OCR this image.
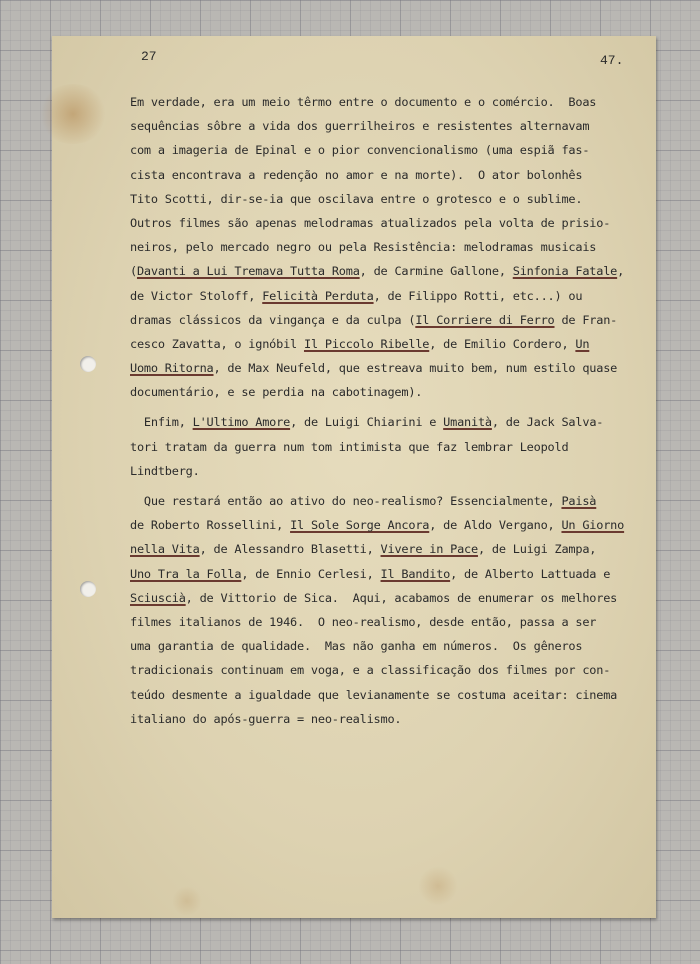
27	47.
Em verdade, era um meio têrmo entre o documento e o comércio.  Boas
sequências sôbre a vida dos guerrilheiros e resistentes alternavam
com a imageria de Epinal e o pior convencionalismo (uma espiã fas-
cista encontrava a redenção no amor e na morte).  O ator bolonhês
Tito Scotti, dir-se-ia que oscilava entre o grotesco e o sublime.
Outros filmes são apenas melodramas atualizados pela volta de prisio-
neiros, pelo mercado negro ou pela Resistência: melodramas musicais
(Davanti a Lui Tremava Tutta Roma, de Carmine Gallone, Sinfonia Fatale,
de Victor Stoloff, Felicità Perduta, de Filippo Rotti, etc...) ou
dramas clássicos da vingança e da culpa (Il Corriere di Ferro de Fran-
cesco Zavatta, o ignóbil Il Piccolo Ribelle, de Emilio Cordero, Un
Uomo Ritorna, de Max Neufeld, que estreava muito bem, num estilo quase
documentário, e se perdia na cabotinagem).
Enfim, L'Ultimo Amore, de Luigi Chiarini e Umanità, de Jack Salva-
tori tratam da guerra num tom intimista que faz lembrar Leopold
Lindtberg.
Que restará então ao ativo do neo-realismo? Essencialmente, Paisà
de Roberto Rossellini, Il Sole Sorge Ancora, de Aldo Vergano, Un Giorno
nella Vita, de Alessandro Blasetti, Vivere in Pace, de Luigi Zampa,
Uno Tra la Folla, de Ennio Cerlesi, Il Bandito, de Alberto Lattuada e
Sciuscià, de Vittorio de Sica.  Aqui, acabamos de enumerar os melhores
filmes italianos de 1946.  O neo-realismo, desde então, passa a ser
uma garantia de qualidade.  Mas não ganha em números.  Os gêneros
tradicionais continuam em voga, e a classificação dos filmes por con-
teúdo desmente a igualdade que levianamente se costuma aceitar: cinema
italiano do após-guerra = neo-realismo.
